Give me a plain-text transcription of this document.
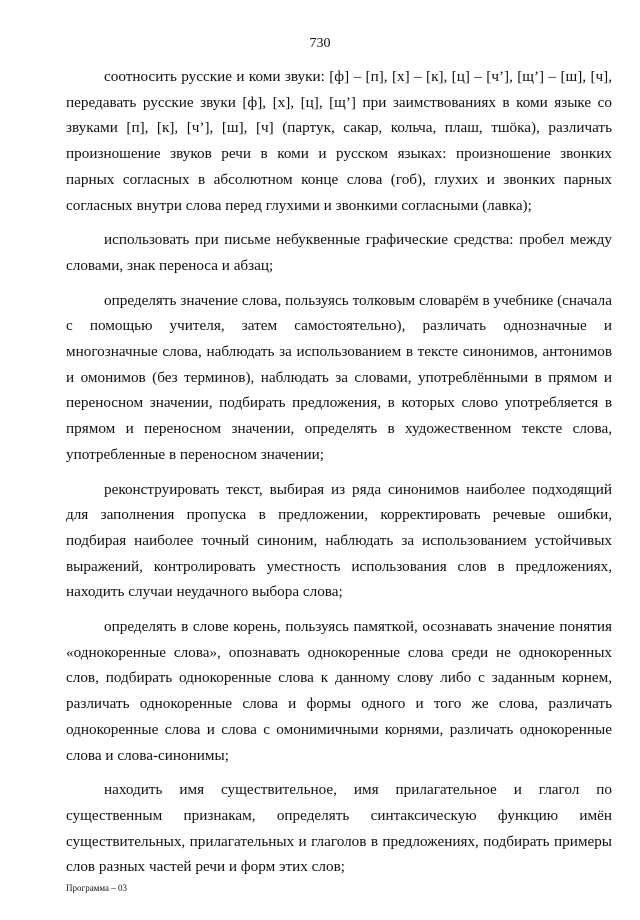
730

соотносить русские и коми звуки: [ф] – [п], [х] – [к], [ц] – [ч’], [щ’] – [ш], [ч], передавать русские звуки [ф], [х], [ц], [щ’] при заимствованиях в коми языке со звуками [п], [к], [ч’], [ш], [ч] (партук, сакар, кольча, плаш, тшöка), различать произношение звуков речи в коми и русском языках: произношение звонких парных согласных в абсолютном конце слова (гоб), глухих и звонких парных согласных внутри слова перед глухими и звонкими согласными (лавка);

использовать при письме небуквенные графические средства: пробел между словами, знак переноса и абзац;

определять значение слова, пользуясь толковым словарём в учебнике (сначала с помощью учителя, затем самостоятельно), различать однозначные и многозначные слова, наблюдать за использованием в тексте синонимов, антонимов и омонимов (без терминов), наблюдать за словами, употреблёнными в прямом и переносном значении, подбирать предложения, в которых слово употребляется в прямом и переносном значении, определять в художественном тексте слова, употребленные в переносном значении;

реконструировать текст, выбирая из ряда синонимов наиболее подходящий для заполнения пропуска в предложении, корректировать речевые ошибки, подбирая наиболее точный синоним, наблюдать за использованием устойчивых выражений, контролировать уместность использования слов в предложениях, находить случаи неудачного выбора слова;

определять в слове корень, пользуясь памяткой, осознавать значение понятия «однокоренные слова», опознавать однокоренные слова среди не однокоренных слов, подбирать однокоренные слова к данному слову либо с заданным корнем, различать однокоренные слова и формы одного и того же слова, различать однокоренные слова и слова с омонимичными корнями, различать однокоренные слова и слова-синонимы;

находить имя существительное, имя прилагательное и глагол по существенным признакам, определять синтаксическую функцию имён существительных, прилагательных и глаголов в предложениях, подбирать примеры слов разных частей речи и форм этих слов;

Программа – 03
